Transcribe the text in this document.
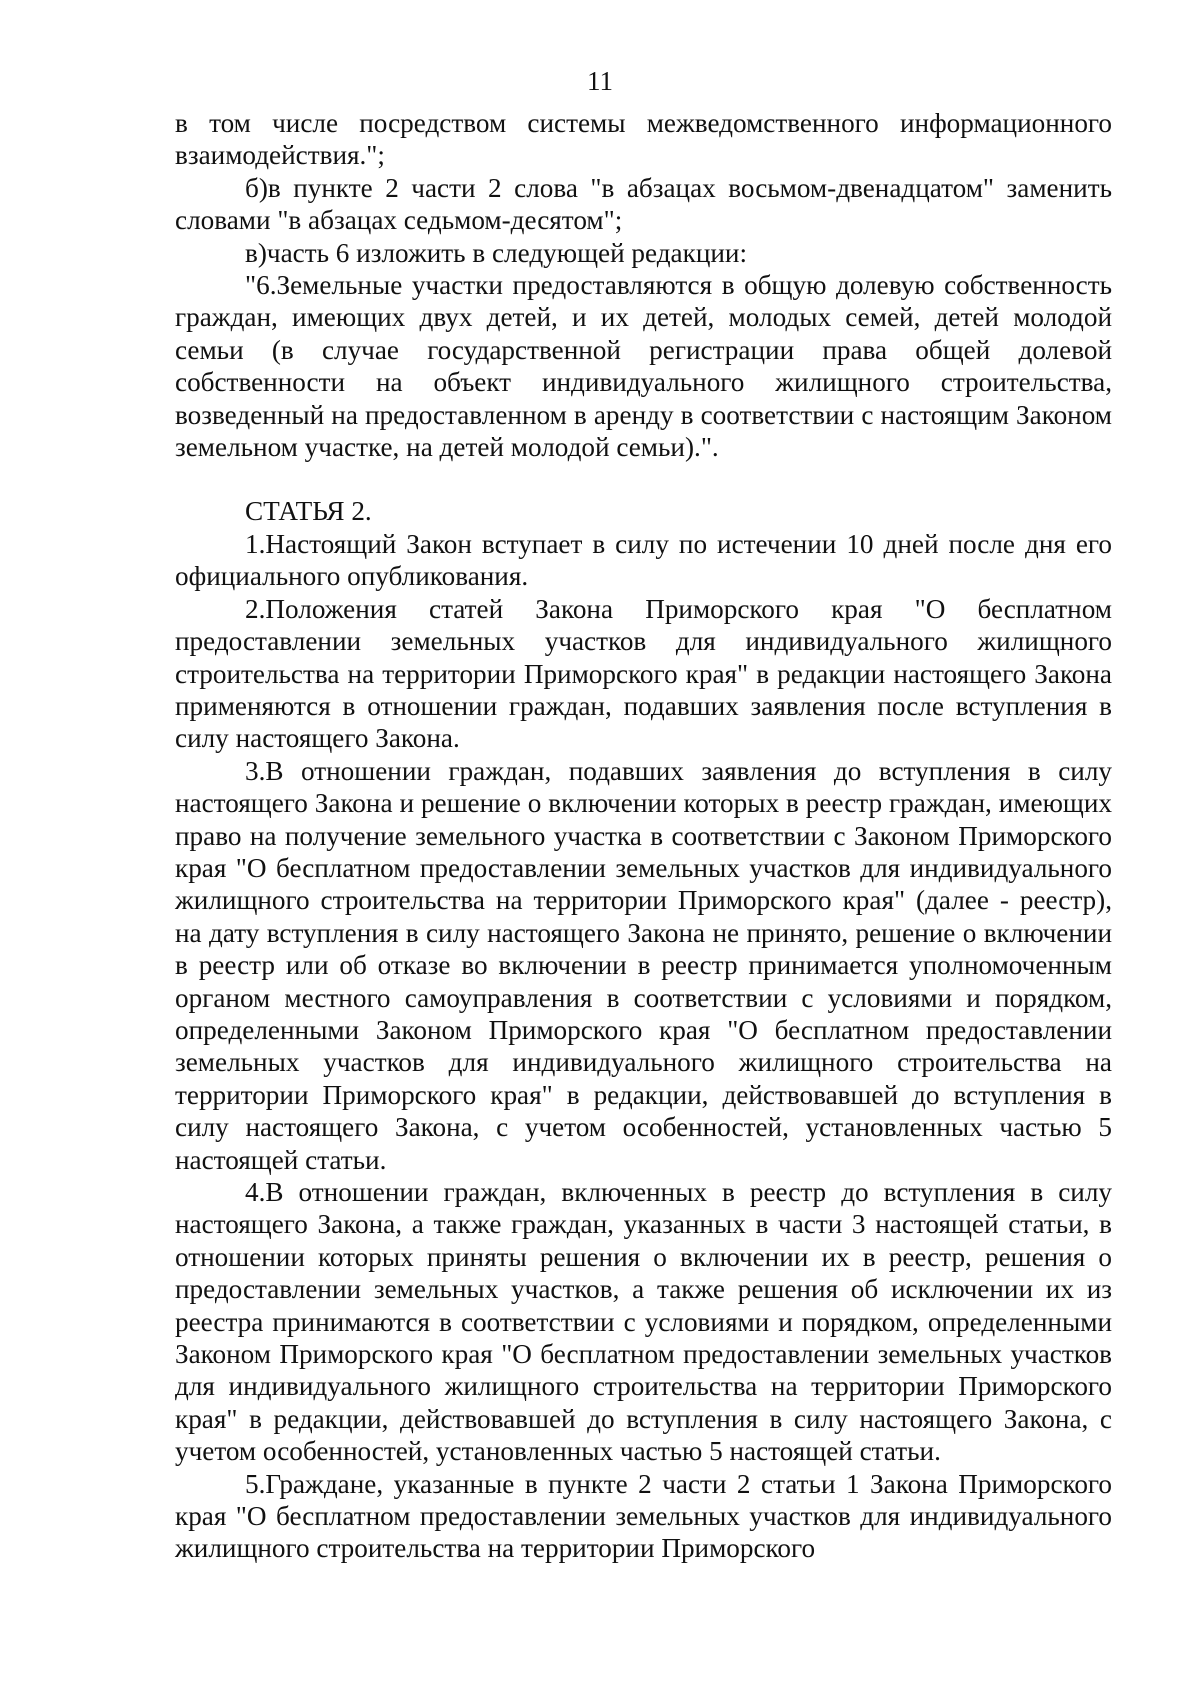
11

в том числе посредством системы межведомственного информационного взаимодействия.";

б)в пункте 2 части 2 слова "в абзацах восьмом-двенадцатом" заменить словами "в абзацах седьмом-десятом";

в)часть 6 изложить в следующей редакции:

"6.Земельные участки предоставляются в общую долевую собственность граждан, имеющих двух детей, и их детей, молодых семей, детей молодой семьи (в случае государственной регистрации права общей долевой собственности на объект индивидуального жилищного строительства, возведенный на предоставленном в аренду в соответствии с настоящим Законом земельном участке, на детей молодой семьи).".

СТАТЬЯ 2.

1.Настоящий Закон вступает в силу по истечении 10 дней после дня его официального опубликования.

2.Положения статей Закона Приморского края "О бесплатном предоставлении земельных участков для индивидуального жилищного строительства на территории Приморского края" в редакции настоящего Закона применяются в отношении граждан, подавших заявления после вступления в силу настоящего Закона.

3.В отношении граждан, подавших заявления до вступления в силу настоящего Закона и решение о включении которых в реестр граждан, имеющих право на получение земельного участка в соответствии с Законом Приморского края "О бесплатном предоставлении земельных участков для индивидуального жилищного строительства на территории Приморского края" (далее - реестр), на дату вступления в силу настоящего Закона не принято, решение о включении в реестр или об отказе во включении в реестр принимается уполномоченным органом местного самоуправления в соответствии с условиями и порядком, определенными Законом Приморского края "О бесплатном предоставлении земельных участков для индивидуального жилищного строительства на территории Приморского края" в редакции, действовавшей до вступления в силу настоящего Закона, с учетом особенностей, установленных частью 5 настоящей статьи.

4.В отношении граждан, включенных в реестр до вступления в силу настоящего Закона, а также граждан, указанных в части 3 настоящей статьи, в отношении которых приняты решения о включении их в реестр, решения о предоставлении земельных участков, а также решения об исключении их из реестра принимаются в соответствии с условиями и порядком, определенными Законом Приморского края "О бесплатном предоставлении земельных участков для индивидуального жилищного строительства на территории Приморского края" в редакции, действовавшей до вступления в силу настоящего Закона, с учетом особенностей, установленных частью 5 настоящей статьи.

5.Граждане, указанные в пункте 2 части 2 статьи 1 Закона Приморского края "О бесплатном предоставлении земельных участков для индивидуального жилищного строительства на территории Приморского
